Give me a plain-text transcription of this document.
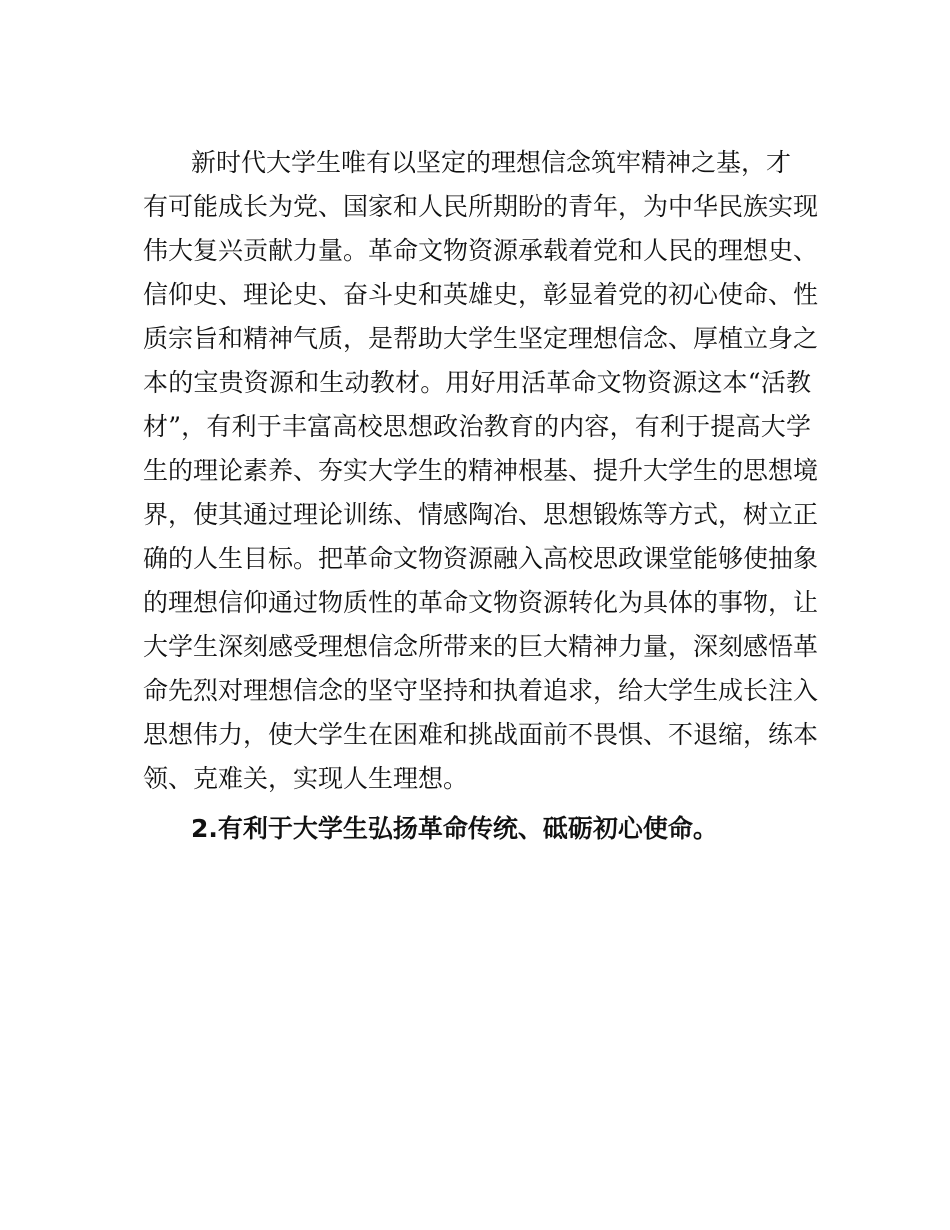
新时代大学生唯有以坚定的理想信念筑牢精神之基，才
有可能成长为党、国家和人民所期盼的青年，为中华民族实现
伟大复兴贡献力量。革命文物资源承载着党和人民的理想史、
信仰史、理论史、奋斗史和英雄史，彰显着党的初心使命、性
质宗旨和精神气质，是帮助大学生坚定理想信念、厚植立身之
本的宝贵资源和生动教材。用好用活革命文物资源这本“活教
材”，有利于丰富高校思想政治教育的内容，有利于提高大学
生的理论素养、夯实大学生的精神根基、提升大学生的思想境
界，使其通过理论训练、情感陶冶、思想锻炼等方式，树立正
确的人生目标。把革命文物资源融入高校思政课堂能够使抽象
的理想信仰通过物质性的革命文物资源转化为具体的事物，让
大学生深刻感受理想信念所带来的巨大精神力量，深刻感悟革
命先烈对理想信念的坚守坚持和执着追求，给大学生成长注入
思想伟力，使大学生在困难和挑战面前不畏惧、不退缩，练本
领、克难关，实现人生理想。
2.有利于大学生弘扬革命传统、砥砺初心使命。
